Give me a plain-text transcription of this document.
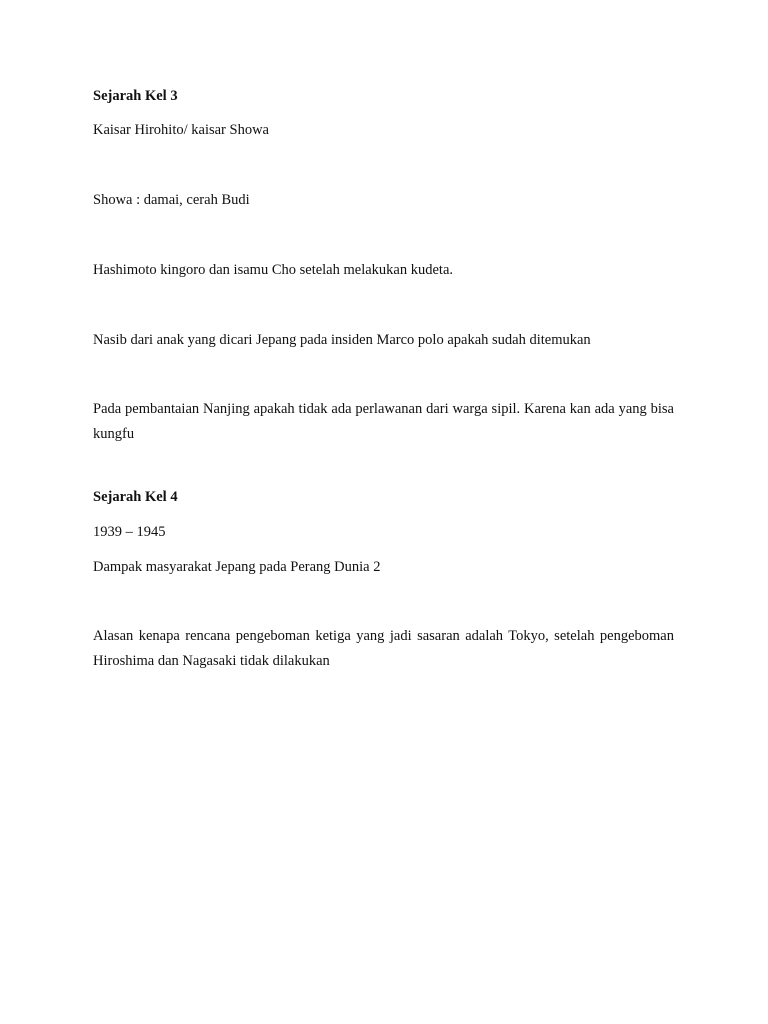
Sejarah Kel 3

Kaisar Hirohito/ kaisar Showa

Showa : damai, cerah Budi

Hashimoto kingoro dan isamu Cho setelah melakukan kudeta.

Nasib dari anak yang dicari Jepang pada insiden Marco polo apakah sudah ditemukan

Pada pembantaian Nanjing apakah tidak ada perlawanan dari warga sipil. Karena kan ada yang bisa kungfu

Sejarah Kel 4

1939 – 1945

Dampak masyarakat Jepang pada Perang Dunia 2

Alasan kenapa rencana pengeboman ketiga yang jadi sasaran adalah Tokyo, setelah pengeboman Hiroshima dan Nagasaki tidak dilakukan
